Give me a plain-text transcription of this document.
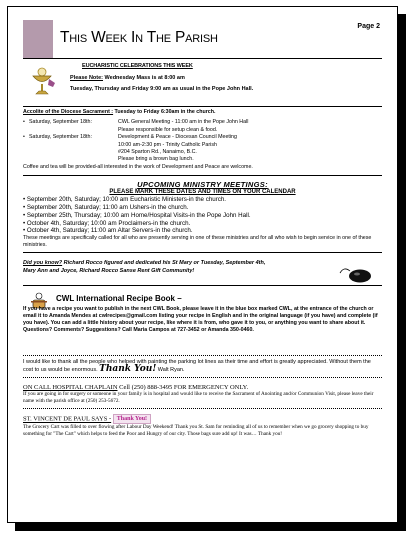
This Week In The Parish
Page 2
EUCHARISTIC CELEBRATIONS THIS WEEK
Please Note: Wednesday Mass is at 8:00 am
Tuesday, Thursday and Friday 9:00 am as usual in the Pope John Hall.
Accolite of the Diocese Sacrament : Tuesday to Friday 6:30am in the church.
• Saturday, September 18th:	CWL General Meeting - 11:00 am in the Pope John Hall
Please responsible for setup clean & food.
• Saturday, September 18th:	Development & Peace - Diocesan Council Meeting
10:00 am-2:30 pm - Trinity Catholic Parish
#204 Sparton Rd., Nanaimo, B.C.
Please bring a brown bag lunch.
Coffee and tea will be provided-all interested in the work of Development and Peace are welcome.
UPCOMING MINISTRY MEETINGS:
PLEASE MARK THESE DATES AND TIMES ON YOUR CALENDAR
• September 20th, Saturday; 10:00 am Eucharistic Ministers-in the church.
• September 20th, Saturday; 11:00 am Ushers-in the church.
• September 25th, Thursday; 10:00 am Home/Hospital Visits-in the Pope John Hall.
• October 4th, Saturday; 10:00 am Proclaimers-in the church.
• October 4th, Saturday; 11:00 am Altar Servers-in the church.
These meetings are specifically called for all who are presently serving in one of these ministries and for all who wish to begin service in one of these ministries.
Did you know? Richard Rocco figured and dedicated his St Mary or Tuesday, September 4th,
Mary Ann and Joyce, Richard Rocco Sanse Rent Gift Community!
CWL International Recipe Book –
If you have a recipe you want to publish in the next CWL Book, please leave it in the blue box marked CWL, at the entrance of the church or email it to Amanda Mendes at cwlrecipes@gmail.com listing your recipe in English and in the original language (if you have) and complete (if you have). You can add a little history about your recipe, like where it is from, who gave it to you, or anything you want to share about it. Questions? Comments? Suggestions? Call Maria Campos at 727-3452 or Amanda 350-0460.
I would like to thank all the people who helped with painting the parking lot lines as their time and effort is greatly appreciated. Without them the cost to us would be enormous. Thank You! Walt Ryan.
ON CALL HOSPITAL CHAPLAIN Cell (250) 888-3495 FOR EMERGENCY ONLY.
If you are going in for surgery or someone in your family is in hospital and would like to receive the Sacrament of Anointing and/or Communion Visit, please leave their name with the parish office at (250) 253-5672.
ST. VINCENT DE PAUL SAYS - Thank You!
The Grocery Cart was filled to over flowing after Labour Day Weekend! Thank you St. Sam for reminding all of us to remember when we go grocery shopping to buy something for "The Cart" which helps to feed the Poor and Hungry of our city. Those bags sure add up! It was… Thank you!
